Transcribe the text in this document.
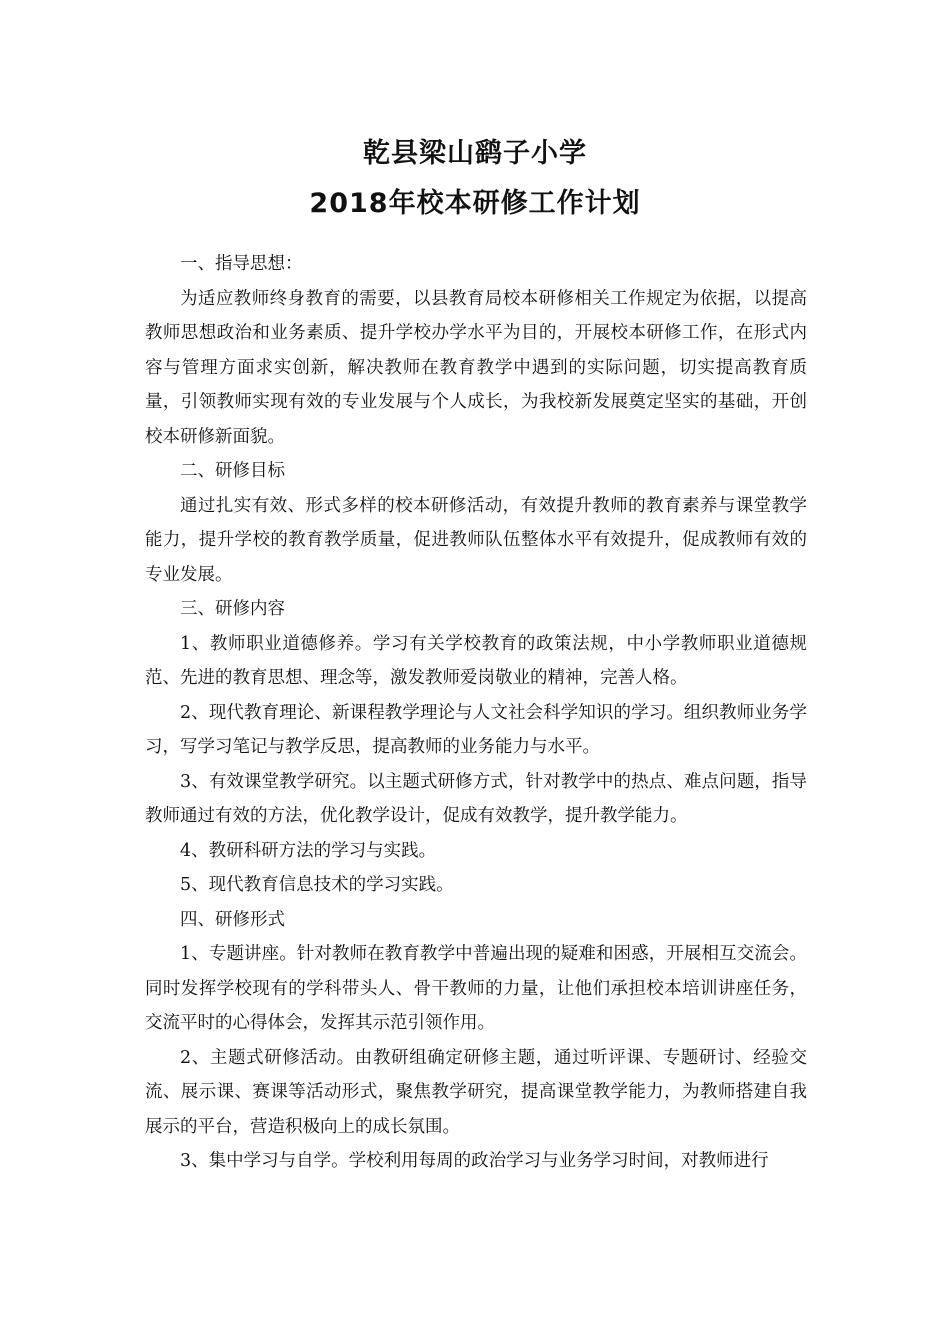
乾县梁山鹞子小学
2018年校本研修工作计划

一、指导思想：

为适应教师终身教育的需要，以县教育局校本研修相关工作规定为依据，以提高教师思想政治和业务素质、提升学校办学水平为目的，开展校本研修工作，在形式内容与管理方面求实创新，解决教师在教育教学中遇到的实际问题，切实提高教育质量，引领教师实现有效的专业发展与个人成长，为我校新发展奠定坚实的基础，开创校本研修新面貌。

二、研修目标

通过扎实有效、形式多样的校本研修活动，有效提升教师的教育素养与课堂教学能力，提升学校的教育教学质量，促进教师队伍整体水平有效提升，促成教师有效的专业发展。

三、研修内容

1、教师职业道德修养。学习有关学校教育的政策法规，中小学教师职业道德规范、先进的教育思想、理念等，激发教师爱岗敬业的精神，完善人格。

2、现代教育理论、新课程教学理论与人文社会科学知识的学习。组织教师业务学习，写学习笔记与教学反思，提高教师的业务能力与水平。

3、有效课堂教学研究。以主题式研修方式，针对教学中的热点、难点问题，指导教师通过有效的方法，优化教学设计，促成有效教学，提升教学能力。

4、教研科研方法的学习与实践。

5、现代教育信息技术的学习实践。

四、研修形式

1、专题讲座。针对教师在教育教学中普遍出现的疑难和困惑，开展相互交流会。同时发挥学校现有的学科带头人、骨干教师的力量，让他们承担校本培训讲座任务，交流平时的心得体会，发挥其示范引领作用。

2、主题式研修活动。由教研组确定研修主题，通过听评课、专题研讨、经验交流、展示课、赛课等活动形式，聚焦教学研究，提高课堂教学能力，为教师搭建自我展示的平台，营造积极向上的成长氛围。

3、集中学习与自学。学校利用每周的政治学习与业务学习时间，对教师进行
